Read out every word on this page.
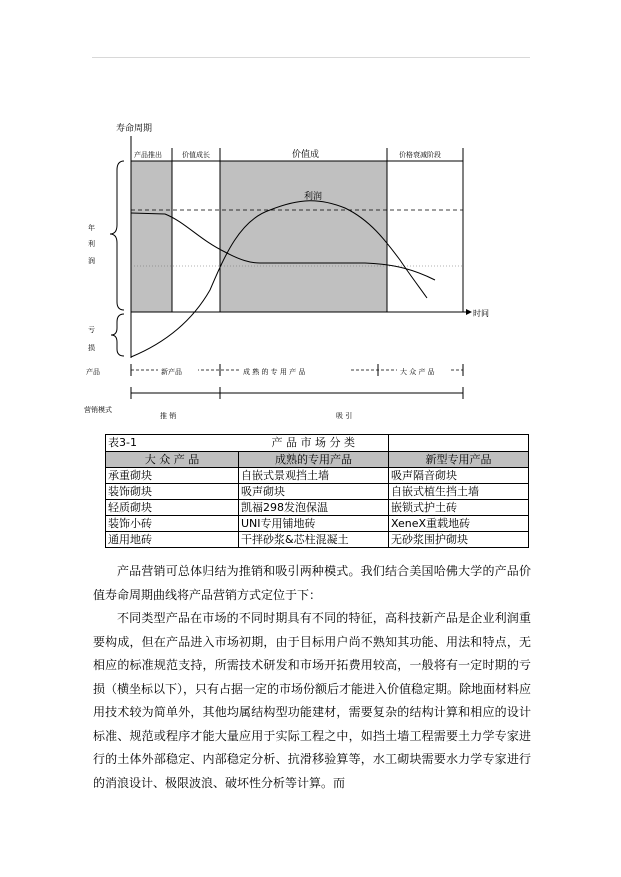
寿命周期
时间
利润
产品推出	价值成长	价值成	价格衰减阶段
年
利
润
亏
损
产品	新产品	成 熟 的 专 用 产 品	大 众 产 品
营销模式
推 销	吸 引
表3-1	产 品 市 场 分 类	
大 众 产 品	成熟的专用产品	新型专用产品
承重砌块	自嵌式景观挡土墙	吸声隔音砌块
装饰砌块	吸声砌块	自嵌式植生挡土墙
轻质砌块	凯福298发泡保温	嵌锁式护土砖
装饰小砖	UNI专用铺地砖	XeneX重载地砖
通用地砖	干拌砂浆&芯柱混凝土	无砂浆围护砌块

产品营销可总体归结为推销和吸引两种模式。我们结合美国哈佛大学的产品价值寿命周期曲线将产品营销方式定位于下：

不同类型产品在市场的不同时期具有不同的特征，高科技新产品是企业利润重要构成，但在产品进入市场初期，由于目标用户尚不熟知其功能、用法和特点，无相应的标准规范支持，所需技术研发和市场开拓费用较高，一般将有一定时期的亏损（横坐标以下），只有占据一定的市场份额后才能进入价值稳定期。除地面材料应用技术较为简单外，其他均属结构型功能建材，需要复杂的结构计算和相应的设计标准、规范或程序才能大量应用于实际工程之中，如挡土墙工程需要土力学专家进行的土体外部稳定、内部稳定分析、抗滑移验算等，水工砌块需要水力学专家进行的消浪设计、极限波浪、破坏性分析等计算。而
